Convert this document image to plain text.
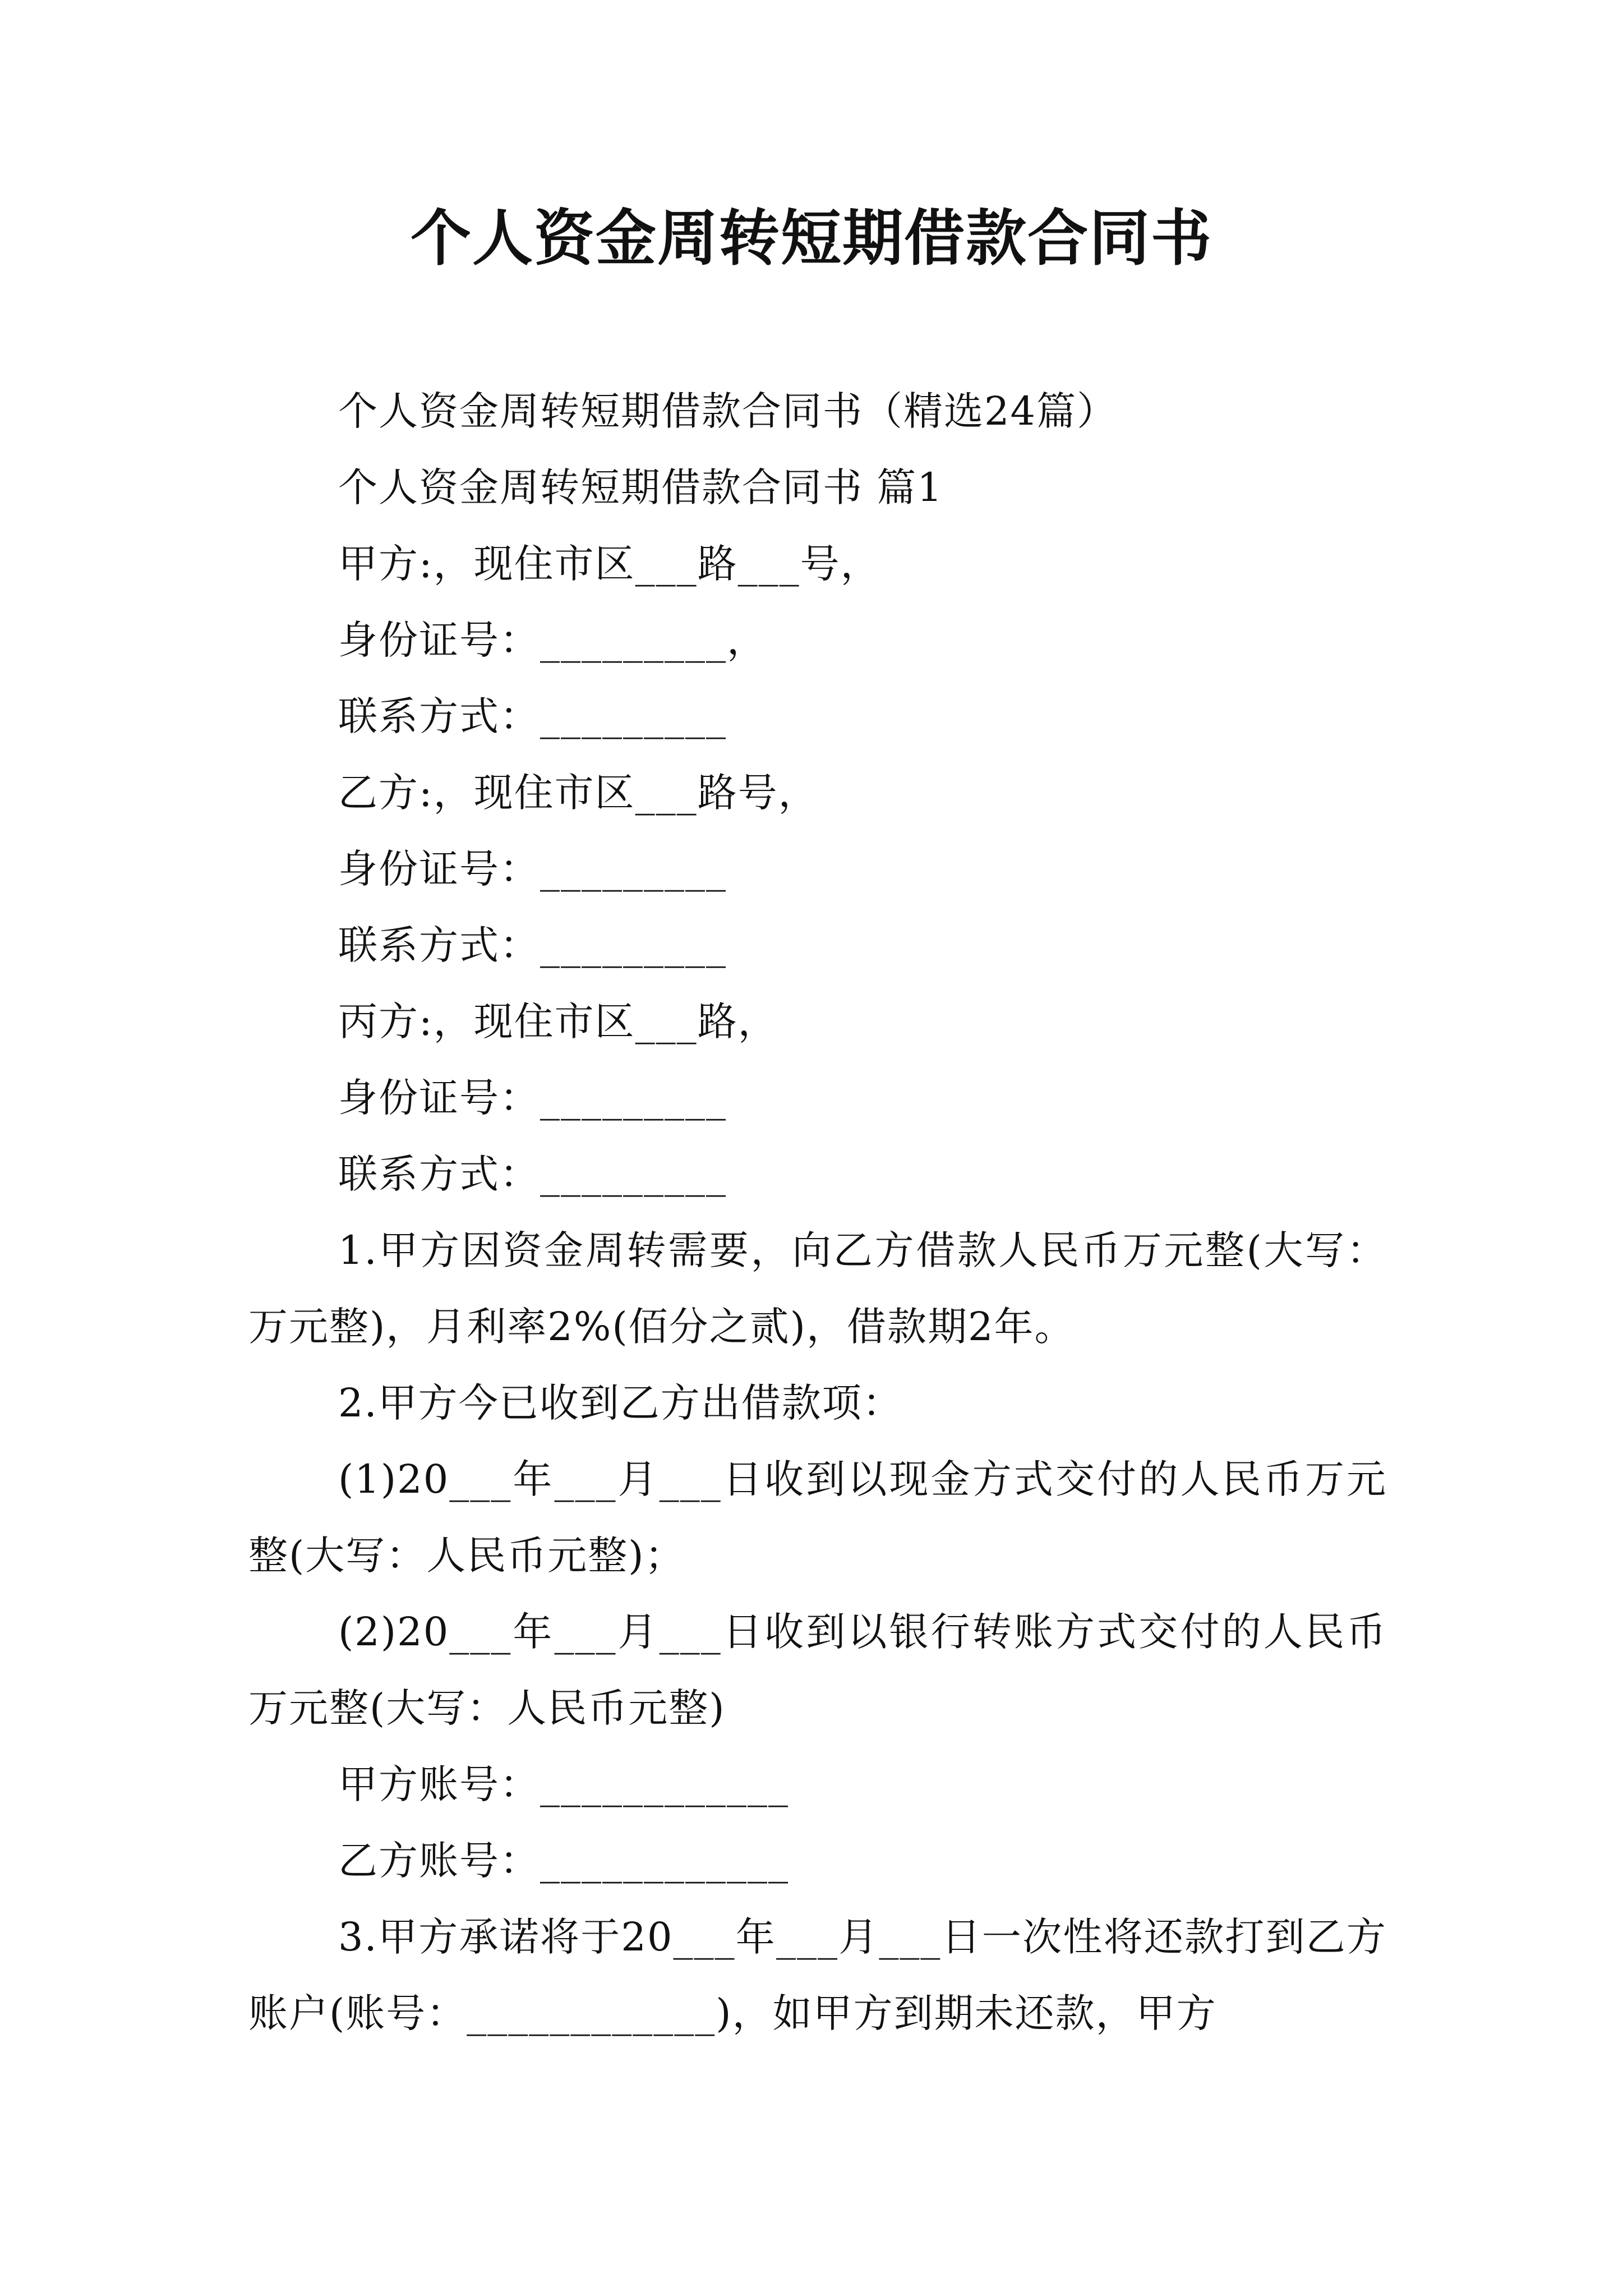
个人资金周转短期借款合同书

个人资金周转短期借款合同书（精选24篇）

个人资金周转短期借款合同书 篇1

甲方:，现住市区___路___号，

身份证号：_________，

联系方式：_________

乙方:，现住市区___路号，

身份证号：_________

联系方式：_________

丙方:，现住市区___路，

身份证号：_________

联系方式：_________

1.甲方因资金周转需要，向乙方借款人民币万元整(大写：万元整)，月利率2%(佰分之贰)，借款期2年。

2.甲方今已收到乙方出借款项：

(1)20___年___月___日收到以现金方式交付的人民币万元整(大写：人民币元整)；

(2)20___年___月___日收到以银行转账方式交付的人民币万元整(大写：人民币元整)

甲方账号：____________

乙方账号：____________

3.甲方承诺将于20___年___月___日一次性将还款打到乙方账户(账号：____________)，如甲方到期未还款，甲方
